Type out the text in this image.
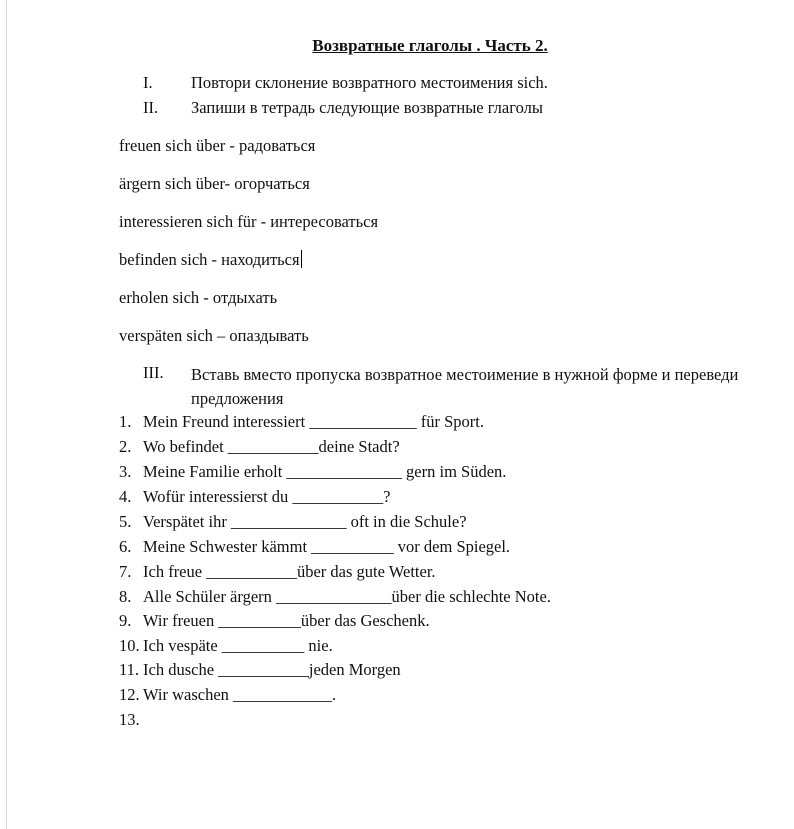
Возвратные глаголы . Часть 2.
I. Повтори склонение возвратного местоимения sich.
II. Запиши в тетрадь следующие возвратные глаголы
freuen sich über - радоваться
ärgern sich über- огорчаться
interessieren sich für - интересоваться
befinden sich - находиться
erholen sich - отдыхать
verspäten sich – опаздывать
III. Вставь вместо пропуска возвратное местоимение в нужной форме и переведи предложения
1. Mein Freund interessiert _____________ für Sport.
2. Wo befindet ___________deine Stadt?
3. Meine Familie erholt ______________ gern im Süden.
4. Wofür interessierst du ___________?
5. Verspätet ihr ______________ oft in die Schule?
6. Meine Schwester kämmt __________ vor dem Spiegel.
7. Ich freue ___________über das gute Wetter.
8. Alle Schüler ärgern ______________über die schlechte Note.
9. Wir freuen __________über das Geschenk.
10. Ich vespäte __________ nie.
11. Ich dusche ___________jeden Morgen
12. Wir waschen ____________.
13.
